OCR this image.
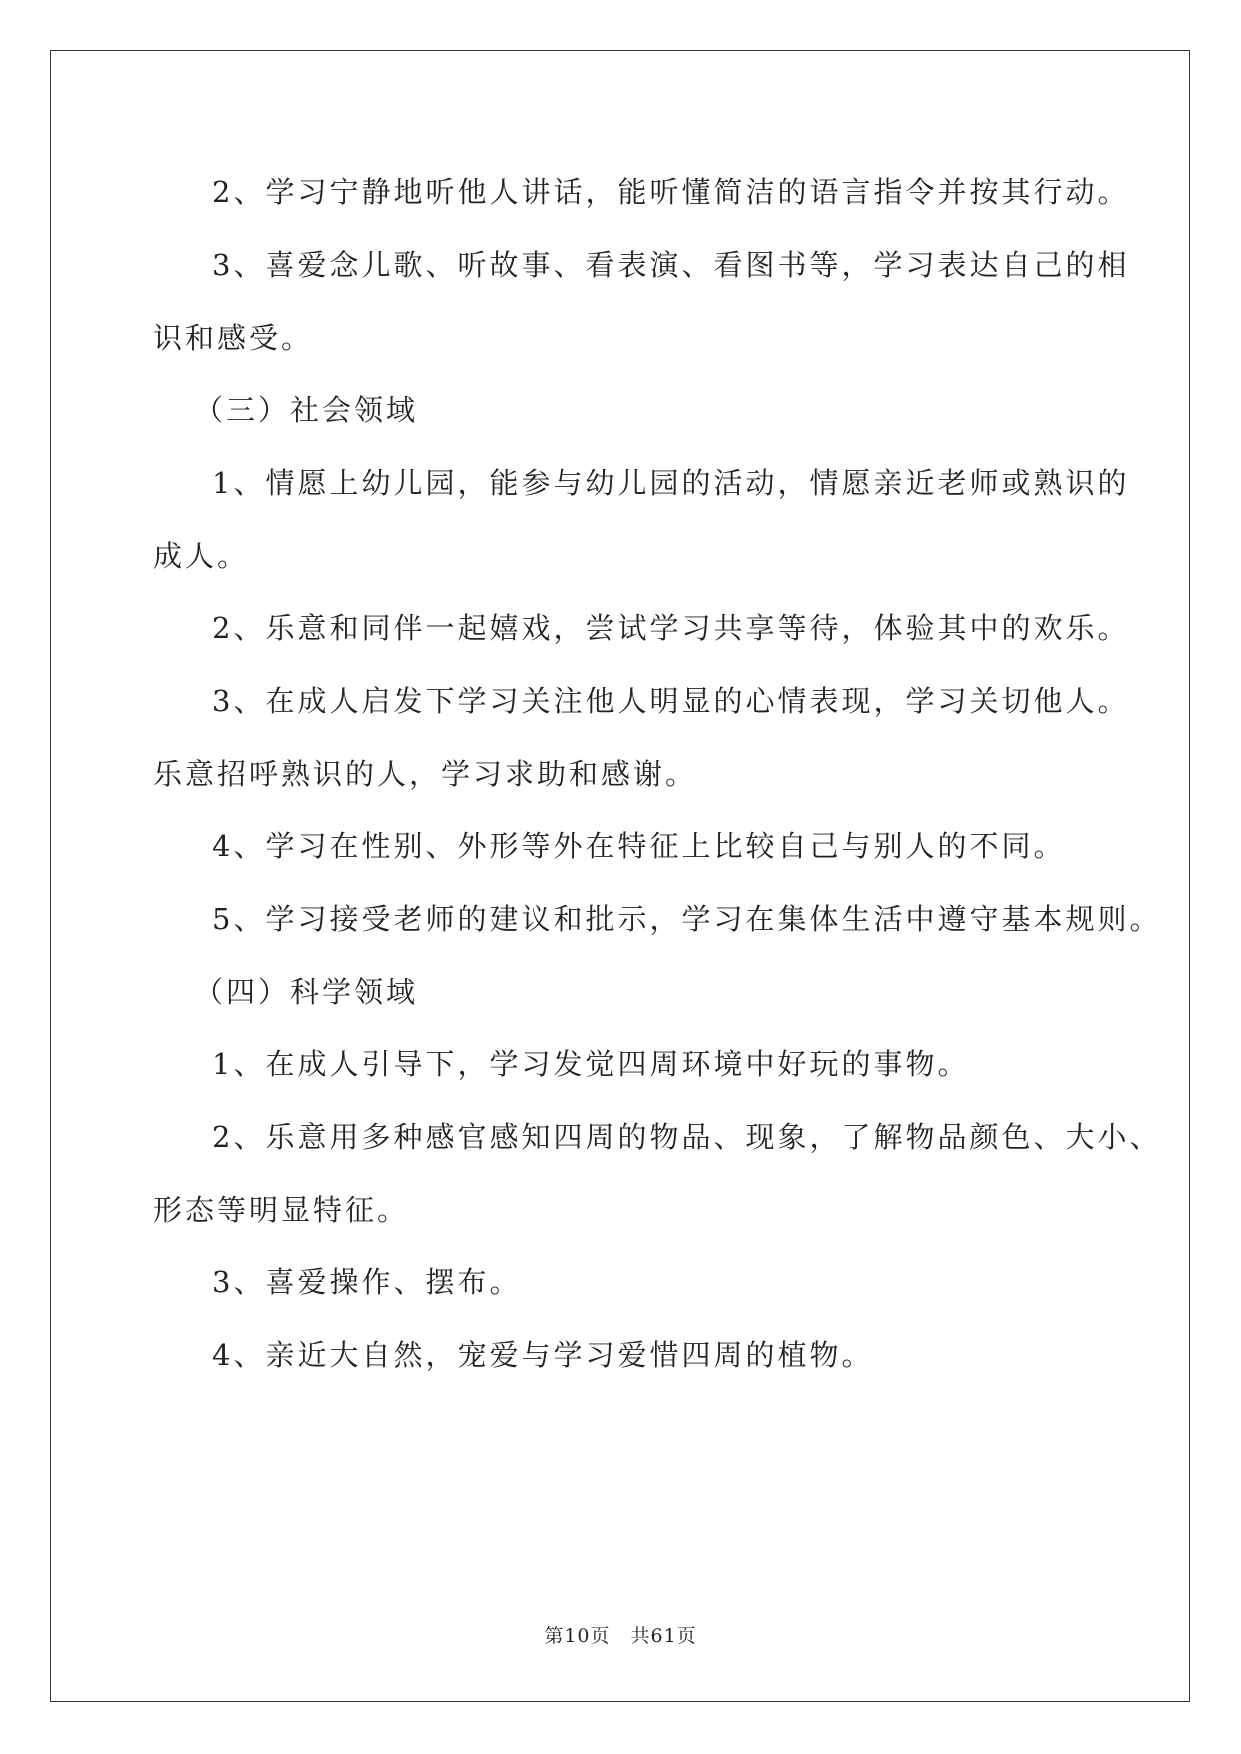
2、学习宁静地听他人讲话，能听懂简洁的语言指令并按其行动。
3、喜爱念儿歌、听故事、看表演、看图书等，学习表达自己的相
识和感受。
（三）社会领域
1、情愿上幼儿园，能参与幼儿园的活动，情愿亲近老师或熟识的
成人。
2、乐意和同伴一起嬉戏，尝试学习共享等待，体验其中的欢乐。
3、在成人启发下学习关注他人明显的心情表现，学习关切他人。
乐意招呼熟识的人，学习求助和感谢。
4、学习在性别、外形等外在特征上比较自己与别人的不同。
5、学习接受老师的建议和批示，学习在集体生活中遵守基本规则。
（四）科学领域
1、在成人引导下，学习发觉四周环境中好玩的事物。
2、乐意用多种感官感知四周的物品、现象，了解物品颜色、大小、
形态等明显特征。
3、喜爱操作、摆布。
4、亲近大自然，宠爱与学习爱惜四周的植物。
第10页　共61页
